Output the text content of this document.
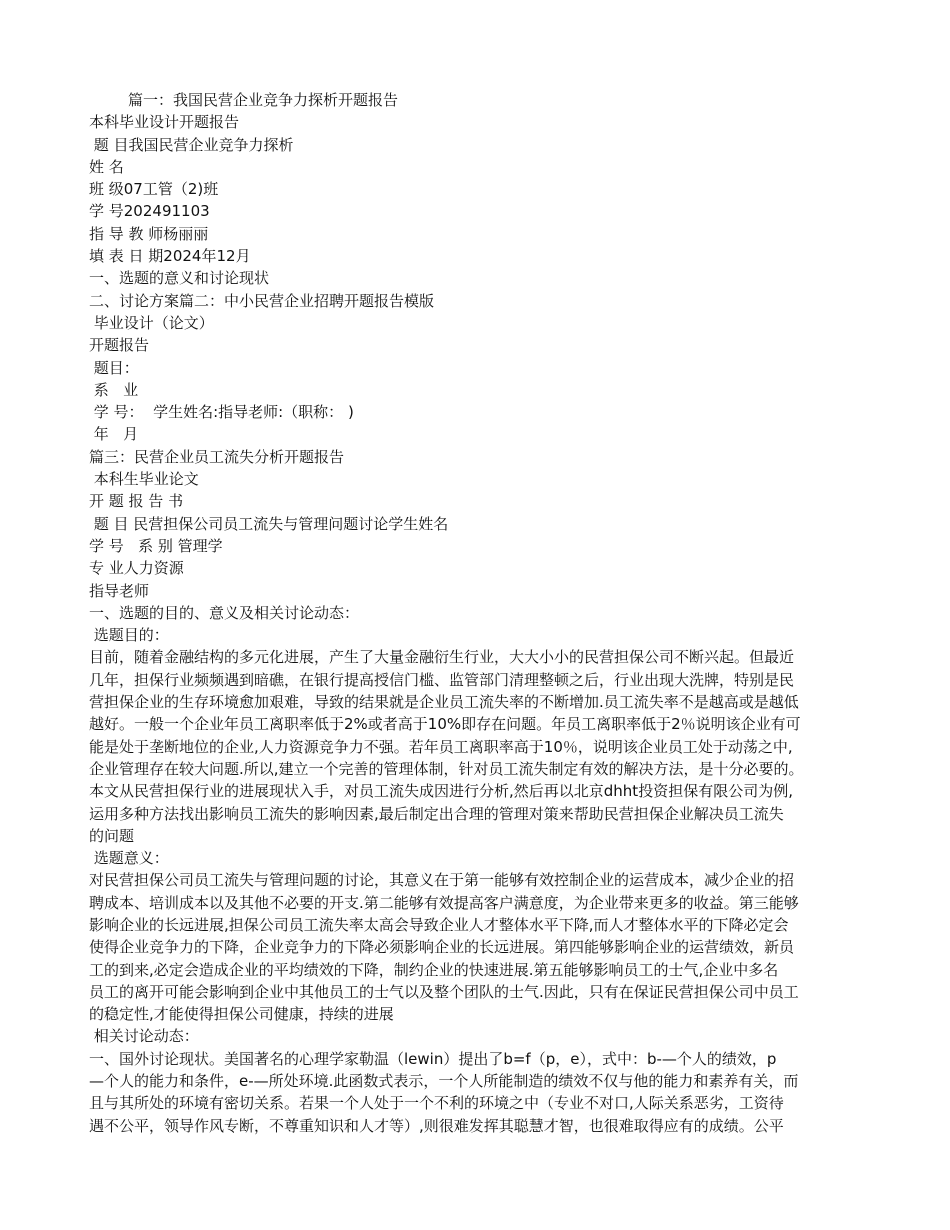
篇一：我国民营企业竞争力探析开题报告
本科毕业设计开题报告
题 目我国民营企业竞争力探析
姓 名
班 级07工管（2)班
学 号202491103
指 导 教 师杨丽丽
填 表 日 期2024年12月
一、选题的意义和讨论现状
二、讨论方案篇二：中小民营企业招聘开题报告模版
毕业设计（论文）
开题报告
题目：
系   业
学 号：  学生姓名:指导老师:（职称： )
年   月
篇三：民营企业员工流失分析开题报告
本科生毕业论文
开 题 报 告 书
题 目 民营担保公司员工流失与管理问题讨论学生姓名
学 号   系 别 管理学
专 业人力资源
指导老师
一、选题的目的、意义及相关讨论动态：
选题目的：
目前，随着金融结构的多元化进展，产生了大量金融衍生行业，大大小小的民营担保公司不断兴起。但最近
几年，担保行业频频遇到暗礁，在银行提高授信门槛、监管部门清理整顿之后，行业出现大洗牌，特别是民
营担保企业的生存环境愈加艰难，导致的结果就是企业员工流失率的不断增加.员工流失率不是越高或是越低
越好。一般一个企业年员工离职率低于2%或者高于10%即存在问题。年员工离职率低于2％说明该企业有可
能是处于垄断地位的企业,人力资源竞争力不强。若年员工离职率高于10％，说明该企业员工处于动荡之中,
企业管理存在较大问题.所以,建立一个完善的管理体制，针对员工流失制定有效的解决方法，是十分必要的。
本文从民营担保行业的进展现状入手，对员工流失成因进行分析,然后再以北京dhht投资担保有限公司为例,
运用多种方法找出影响员工流失的影响因素,最后制定出合理的管理对策来帮助民营担保企业解决员工流失
的问题
选题意义：
对民营担保公司员工流失与管理问题的讨论，其意义在于第一能够有效控制企业的运营成本，减少企业的招
聘成本、培训成本以及其他不必要的开支.第二能够有效提高客户满意度，为企业带来更多的收益。第三能够
影响企业的长远进展,担保公司员工流失率太高会导致企业人才整体水平下降,而人才整体水平的下降必定会
使得企业竞争力的下降，企业竞争力的下降必须影响企业的长远进展。第四能够影响企业的运营绩效，新员
工的到来,必定会造成企业的平均绩效的下降，制约企业的快速进展.第五能够影响员工的士气,企业中多名
员工的离开可能会影响到企业中其他员工的士气以及整个团队的士气.因此，只有在保证民营担保公司中员工
的稳定性,才能使得担保公司健康，持续的进展
相关讨论动态：
一、国外讨论现状。美国著名的心理学家勒温（lewin）提出了b=f（p，e），式中：b-—个人的绩效，p
—个人的能力和条件，e-—所处环境.此函数式表示，一个人所能制造的绩效不仅与他的能力和素养有关，而
且与其所处的环境有密切关系。若果一个人处于一个不利的环境之中（专业不对口,人际关系恶劣，工资待
遇不公平，领导作风专断，不尊重知识和人才等）,则很难发挥其聪慧才智，也很难取得应有的成绩。公平
